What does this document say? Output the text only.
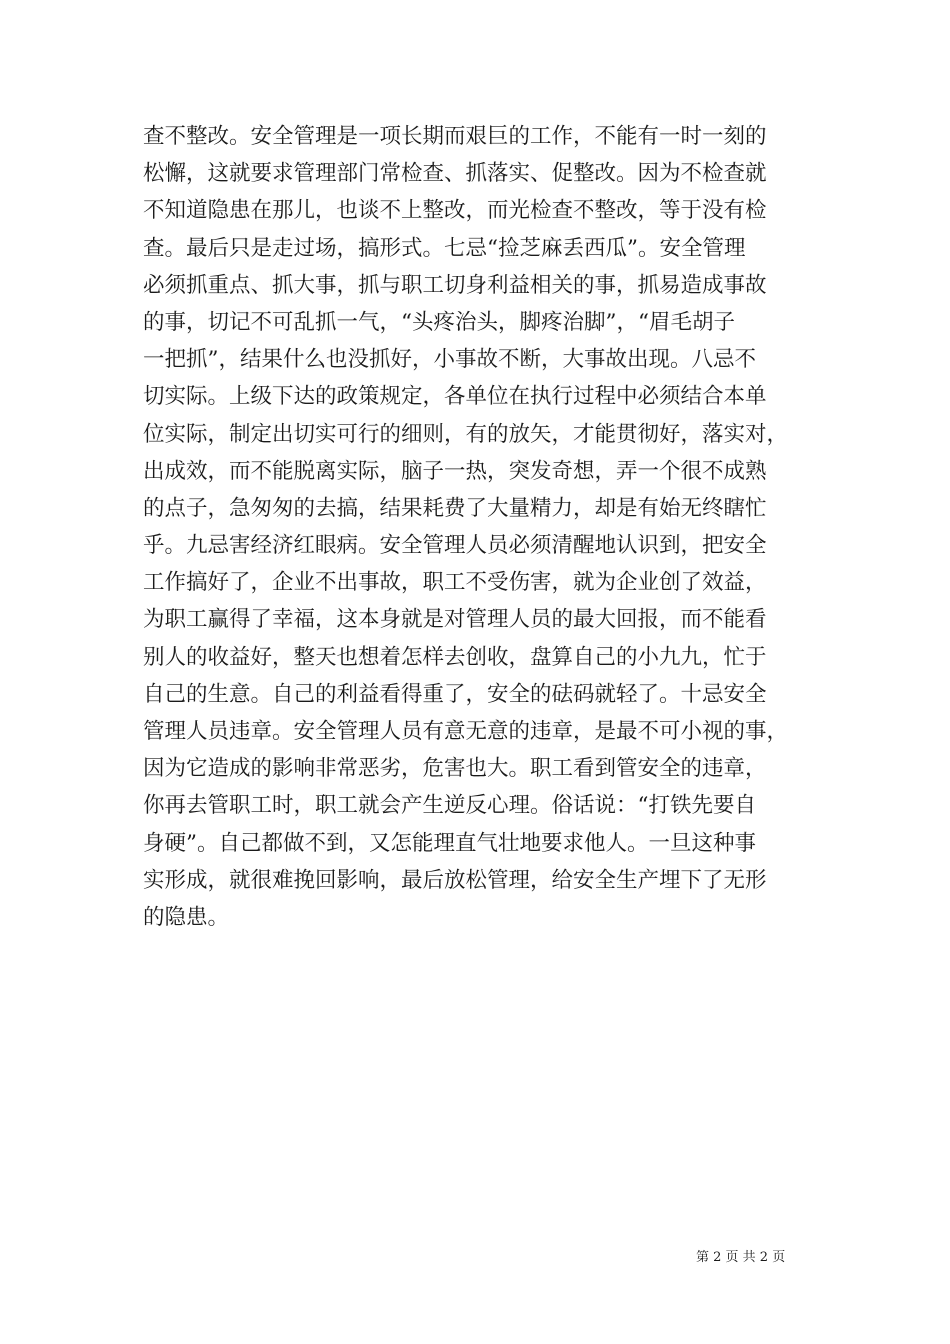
查不整改。安全管理是一项长期而艰巨的工作，不能有一时一刻的
松懈，这就要求管理部门常检查、抓落实、促整改。因为不检查就
不知道隐患在那儿，也谈不上整改，而光检查不整改，等于没有检
查。最后只是走过场，搞形式。七忌“捡芝麻丢西瓜”。安全管理
必须抓重点、抓大事，抓与职工切身利益相关的事，抓易造成事故
的事，切记不可乱抓一气，“头疼治头，脚疼治脚”，“眉毛胡子
一把抓”，结果什么也没抓好，小事故不断，大事故出现。八忌不
切实际。上级下达的政策规定，各单位在执行过程中必须结合本单
位实际，制定出切实可行的细则，有的放矢，才能贯彻好，落实对，
出成效，而不能脱离实际，脑子一热，突发奇想，弄一个很不成熟
的点子，急匆匆的去搞，结果耗费了大量精力，却是有始无终瞎忙
乎。九忌害经济红眼病。安全管理人员必须清醒地认识到，把安全
工作搞好了，企业不出事故，职工不受伤害，就为企业创了效益，
为职工赢得了幸福，这本身就是对管理人员的最大回报，而不能看
别人的收益好，整天也想着怎样去创收，盘算自己的小九九，忙于
自己的生意。自己的利益看得重了，安全的砝码就轻了。十忌安全
管理人员违章。安全管理人员有意无意的违章，是最不可小视的事，
因为它造成的影响非常恶劣，危害也大。职工看到管安全的违章，
你再去管职工时，职工就会产生逆反心理。俗话说：“打铁先要自
身硬”。自己都做不到，又怎能理直气壮地要求他人。一旦这种事
实形成，就很难挽回影响，最后放松管理，给安全生产埋下了无形
的隐患。
第 2 页 共 2 页
